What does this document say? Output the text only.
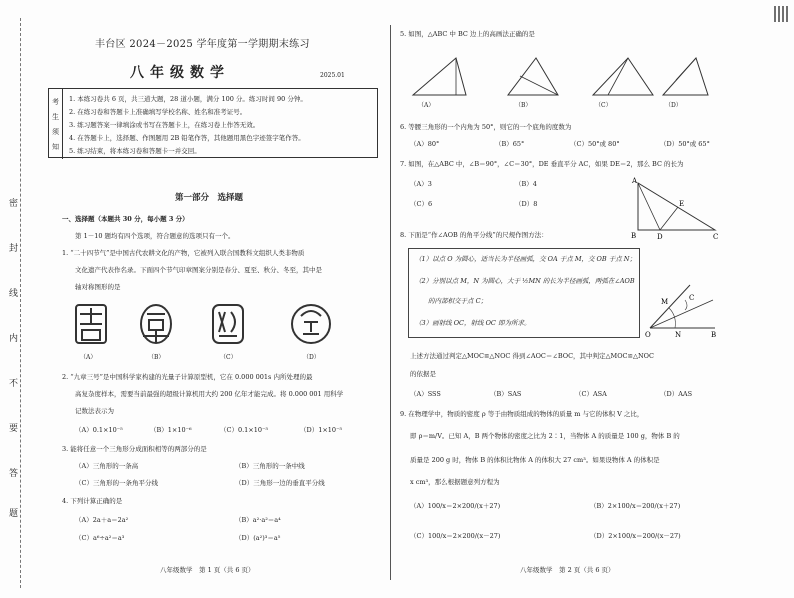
密
封
线
内
不
要
答
题
丰台区 2024－2025 学年度第一学期期末练习
八年级数学	2025.01
考
生
须
知
1. 本练习卷共 6 页，共三道大题，28 道小题，满分 100 分。练习时间 90 分钟。
2. 在练习卷和答题卡上准确填写学校名称、姓名和准考证号。
3. 练习题答案一律填涂或书写在答题卡上，在练习卷上作答无效。
4. 在答题卡上，选择题、作图题用 2B 铅笔作答，其他题用黑色字迹签字笔作答。
5. 练习结束，将本练习卷和答题卡一并交回。
第一部分　选择题
一、选择题（本题共 30 分，每小题 3 分）
第 1－10 题均有四个选项，符合题意的选项只有一个。
1. “二十四节气”是中国古代农耕文化的产物，它被列入联合国教科文组织人类非物质
文化遗产代表作名录。下面四个节气印章图案分别是春分、夏至、秋分、冬至，其中是
轴对称图形的是
（A）	（B）	（C）	（D）
2. “九章三号”是中国科学家构建的光量子计算原型机，它在 0.000 001s 内所处理的最
高复杂度样本，需要当前最强的超级计算机用大约 200 亿年才能完成。将 0.000 001 用科学
记数法表示为
（A）0.1×10⁻⁵	（B）1×10⁻⁶	（C）0.1×10⁻⁵	（D）1×10⁻⁵
3. 能将任意一个三角形分成面积相等的两部分的是
（A）三角形的一条高	（B）三角形的一条中线
（C）三角形的一条角平分线	（D）三角形一边的垂直平分线
4. 下列计算正确的是
（A）2a＋a＝2a²	（B）a²·a²＝a⁴
（C）a⁶÷a²＝a³	（D）(a²)³＝a⁵
八年级数学　第 1 页（共 6 页）
5. 如图，△ABC 中 BC 边上的高画法正确的是
（A）	（B）	（C）	（D）
6. 等腰三角形的一个内角为 50°，则它的一个底角的度数为
（A）80°	（B）65°	（C）50°或 80°	（D）50°或 65°
7. 如图，在△ABC 中，∠B＝90°，∠C＝30°，DE 垂直平分 AC，如果 DE＝2，那么 BC 的长为
（A）3	（B）4
（C）6	（D）8
A
B	D
E
C
8. 下面是“作∠AOB 的角平分线”的尺规作图方法：
（1）以点 O 为圆心，适当长为半径画弧，交 OA 于点 M，交 OB 于点 N；
（2）分别以点 M，N 为圆心，大于 ½MN 的长为半径画弧，两弧在∠AOB
　　的内部相交于点 C；
（3）画射线 OC，射线 OC 即为所求。
M	C
O	N	B
上述方法通过判定△MOC≌△NOC 得到∠AOC＝∠BOC，其中判定△MOC≌△NOC
的依据是
（A）SSS	（B）SAS	（C）ASA	（D）AAS
9. 在物理学中，物质的密度 ρ 等于由物质组成的物体的质量 m 与它的体积 V 之比，
即 ρ＝m/V。已知 A，B 两个物体的密度之比为 2∶1，当物体 A 的质量是 100 g，物体 B 的
质量是 200 g 时，物体 B 的体积比物体 A 的体积大 27 cm³。如果设物体 A 的体积是
x cm³，那么根据题意列方程为
（A）100/x＝2×200/(x＋27)	（B）2×100/x＝200/(x＋27)
（C）100/x＝2×200/(x－27)	（D）2×100/x＝200/(x－27)
八年级数学　第 2 页（共 6 页）
